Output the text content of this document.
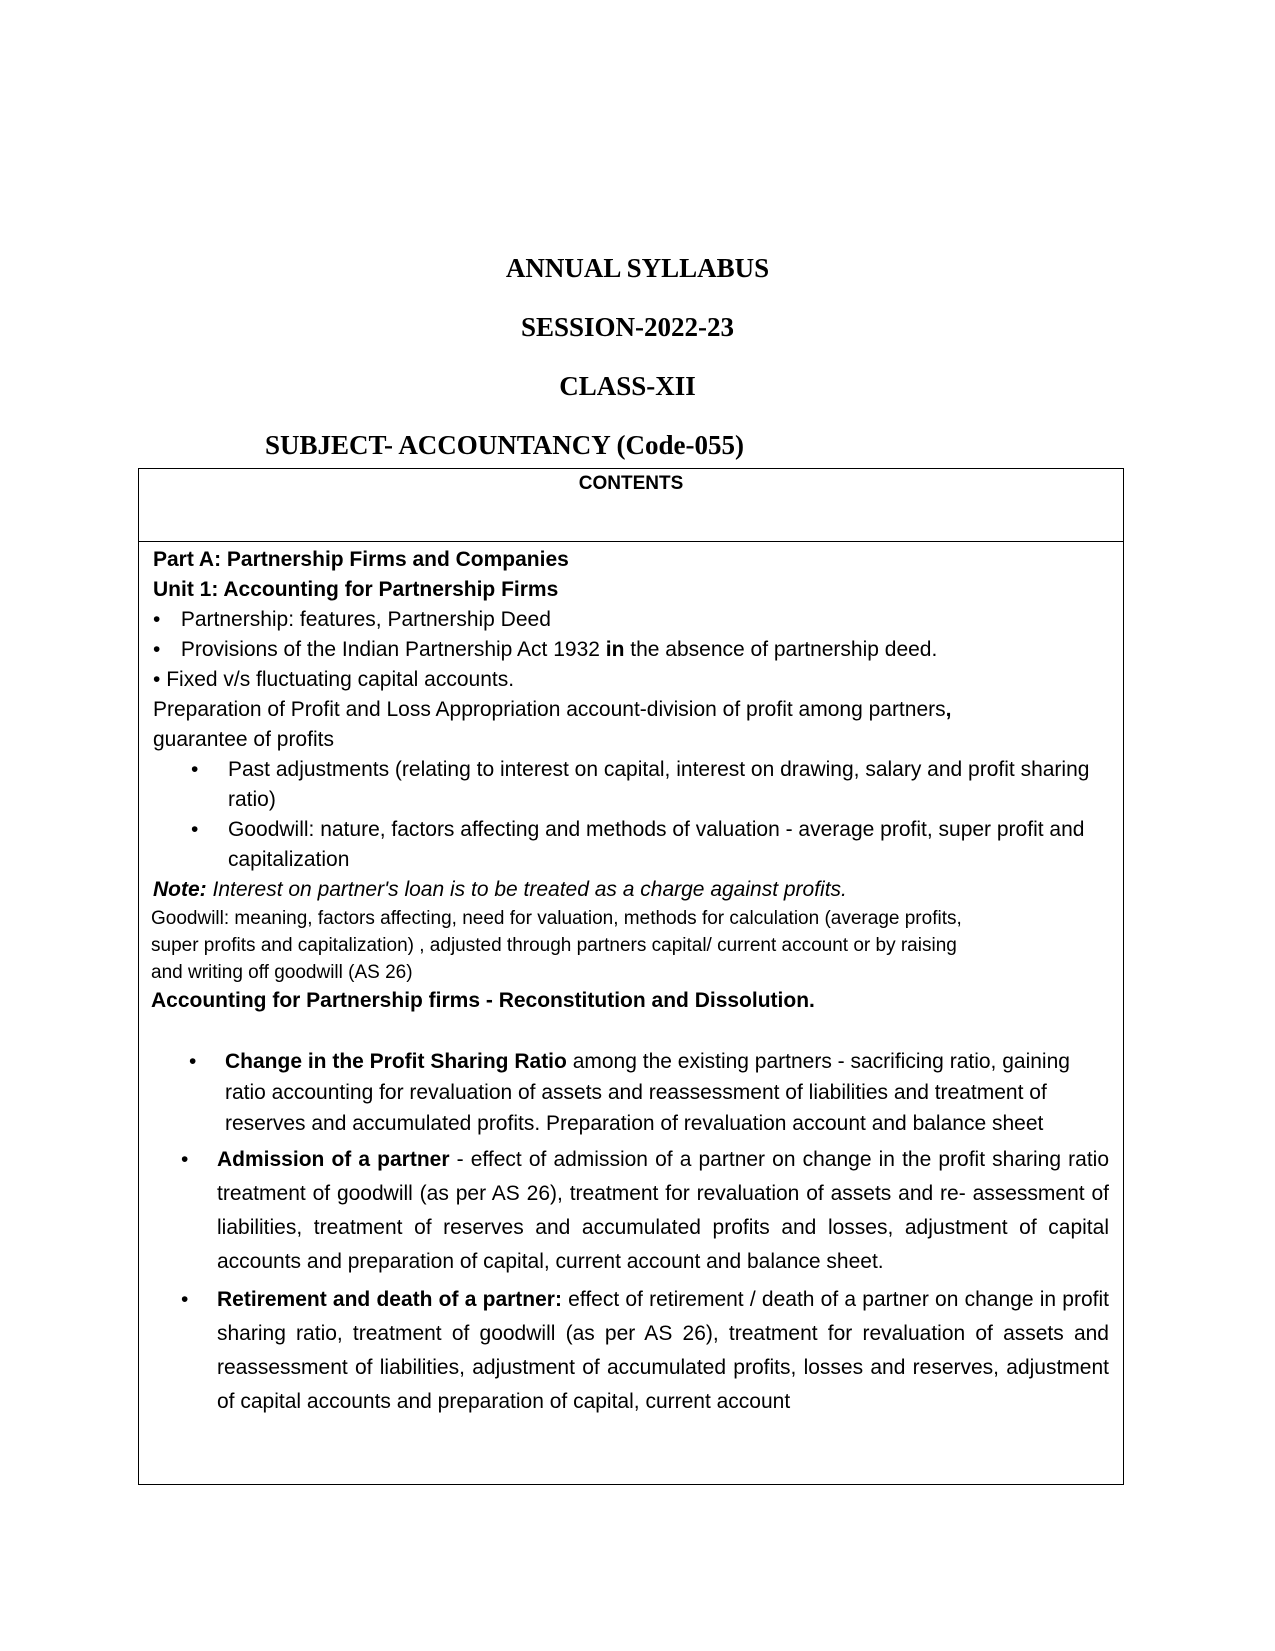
ANNUAL SYLLABUS
SESSION-2022-23
CLASS-XII
SUBJECT- ACCOUNTANCY (Code-055)
CONTENTS
Part A: Partnership Firms and Companies
Unit 1: Accounting for Partnership Firms
• Partnership: features, Partnership Deed
• Provisions of the Indian Partnership Act 1932 in the absence of partnership deed.
• Fixed v/s fluctuating capital accounts.
Preparation of Profit and Loss Appropriation account-division of profit among partners,
guarantee of profits
• Past adjustments (relating to interest on capital, interest on drawing, salary and profit sharing ratio)
• Goodwill: nature, factors affecting and methods of valuation - average profit, super profit and capitalization
Note: Interest on partner's loan is to be treated as a charge against profits.
Goodwill: meaning, factors affecting, need for valuation, methods for calculation (average profits,
super profits and capitalization) , adjusted through partners capital/ current account or by raising
and writing off goodwill (AS 26)
Accounting for Partnership firms - Reconstitution and Dissolution.
• Change in the Profit Sharing Ratio among the existing partners - sacrificing ratio, gaining ratio accounting for revaluation of assets and reassessment of liabilities and treatment of reserves and accumulated profits. Preparation of revaluation account and balance sheet
• Admission of a partner - effect of admission of a partner on change in the profit sharing ratio treatment of goodwill (as per AS 26), treatment for revaluation of assets and re- assessment of liabilities, treatment of reserves and accumulated profits and losses, adjustment of capital accounts and preparation of capital, current account and balance sheet.
• Retirement and death of a partner: effect of retirement / death of a partner on change in profit sharing ratio, treatment of goodwill (as per AS 26), treatment for revaluation of assets and reassessment of liabilities, adjustment of accumulated profits, losses and reserves, adjustment of capital accounts and preparation of capital, current account
